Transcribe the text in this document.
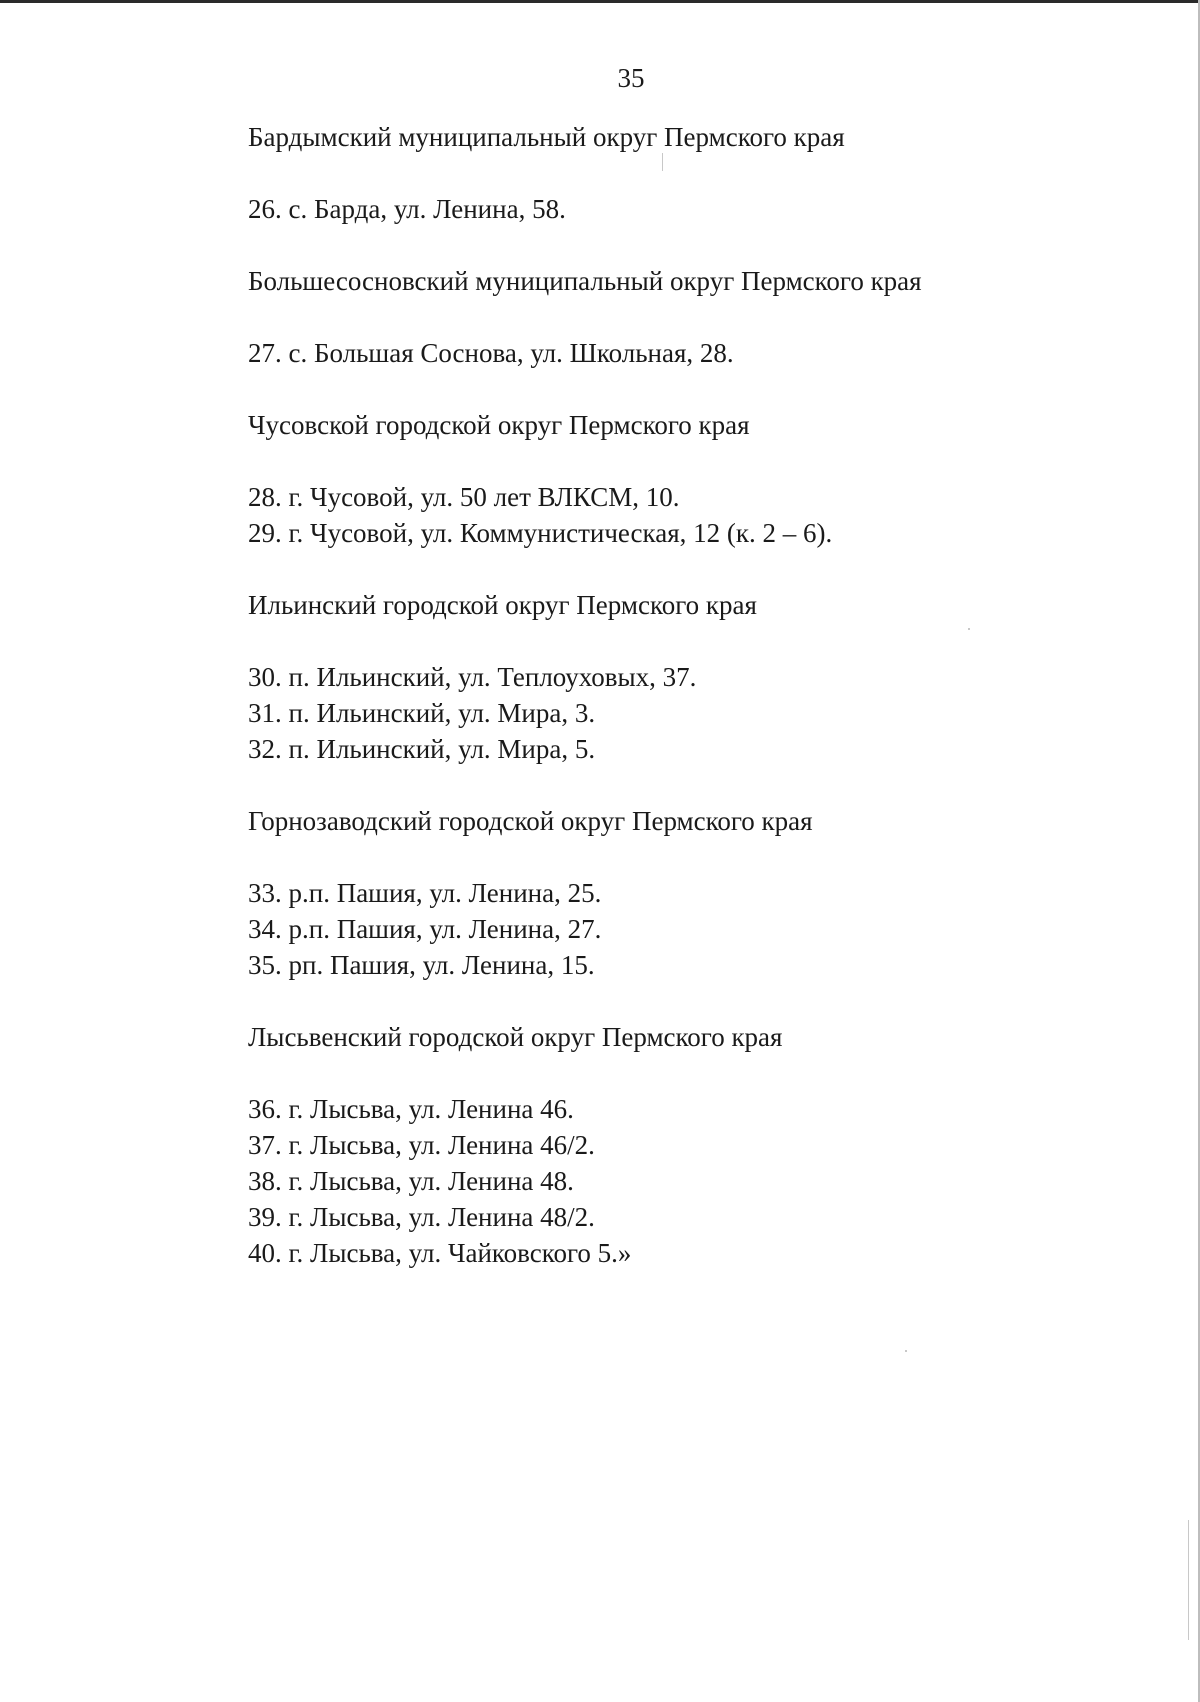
35

Бардымский муниципальный округ Пермского края

26. с. Барда, ул. Ленина, 58.

Большесосновский муниципальный округ Пермского края

27. с. Большая Соснова, ул. Школьная, 28.

Чусовской городской округ Пермского края

28. г. Чусовой, ул. 50 лет ВЛКСМ, 10.
29. г. Чусовой, ул. Коммунистическая, 12 (к. 2 – 6).

Ильинский городской округ Пермского края

30. п. Ильинский, ул. Теплоуховых, 37.
31. п. Ильинский, ул. Мира, 3.
32. п. Ильинский, ул. Мира, 5.

Горнозаводский городской округ Пермского края

33. р.п. Пашия, ул. Ленина, 25.
34. р.п. Пашия, ул. Ленина, 27.
35. рп. Пашия, ул. Ленина, 15.

Лысьвенский городской округ Пермского края

36. г. Лысьва, ул. Ленина 46.
37. г. Лысьва, ул. Ленина 46/2.
38. г. Лысьва, ул. Ленина 48.
39. г. Лысьва, ул. Ленина 48/2.
40. г. Лысьва, ул. Чайковского 5.»
